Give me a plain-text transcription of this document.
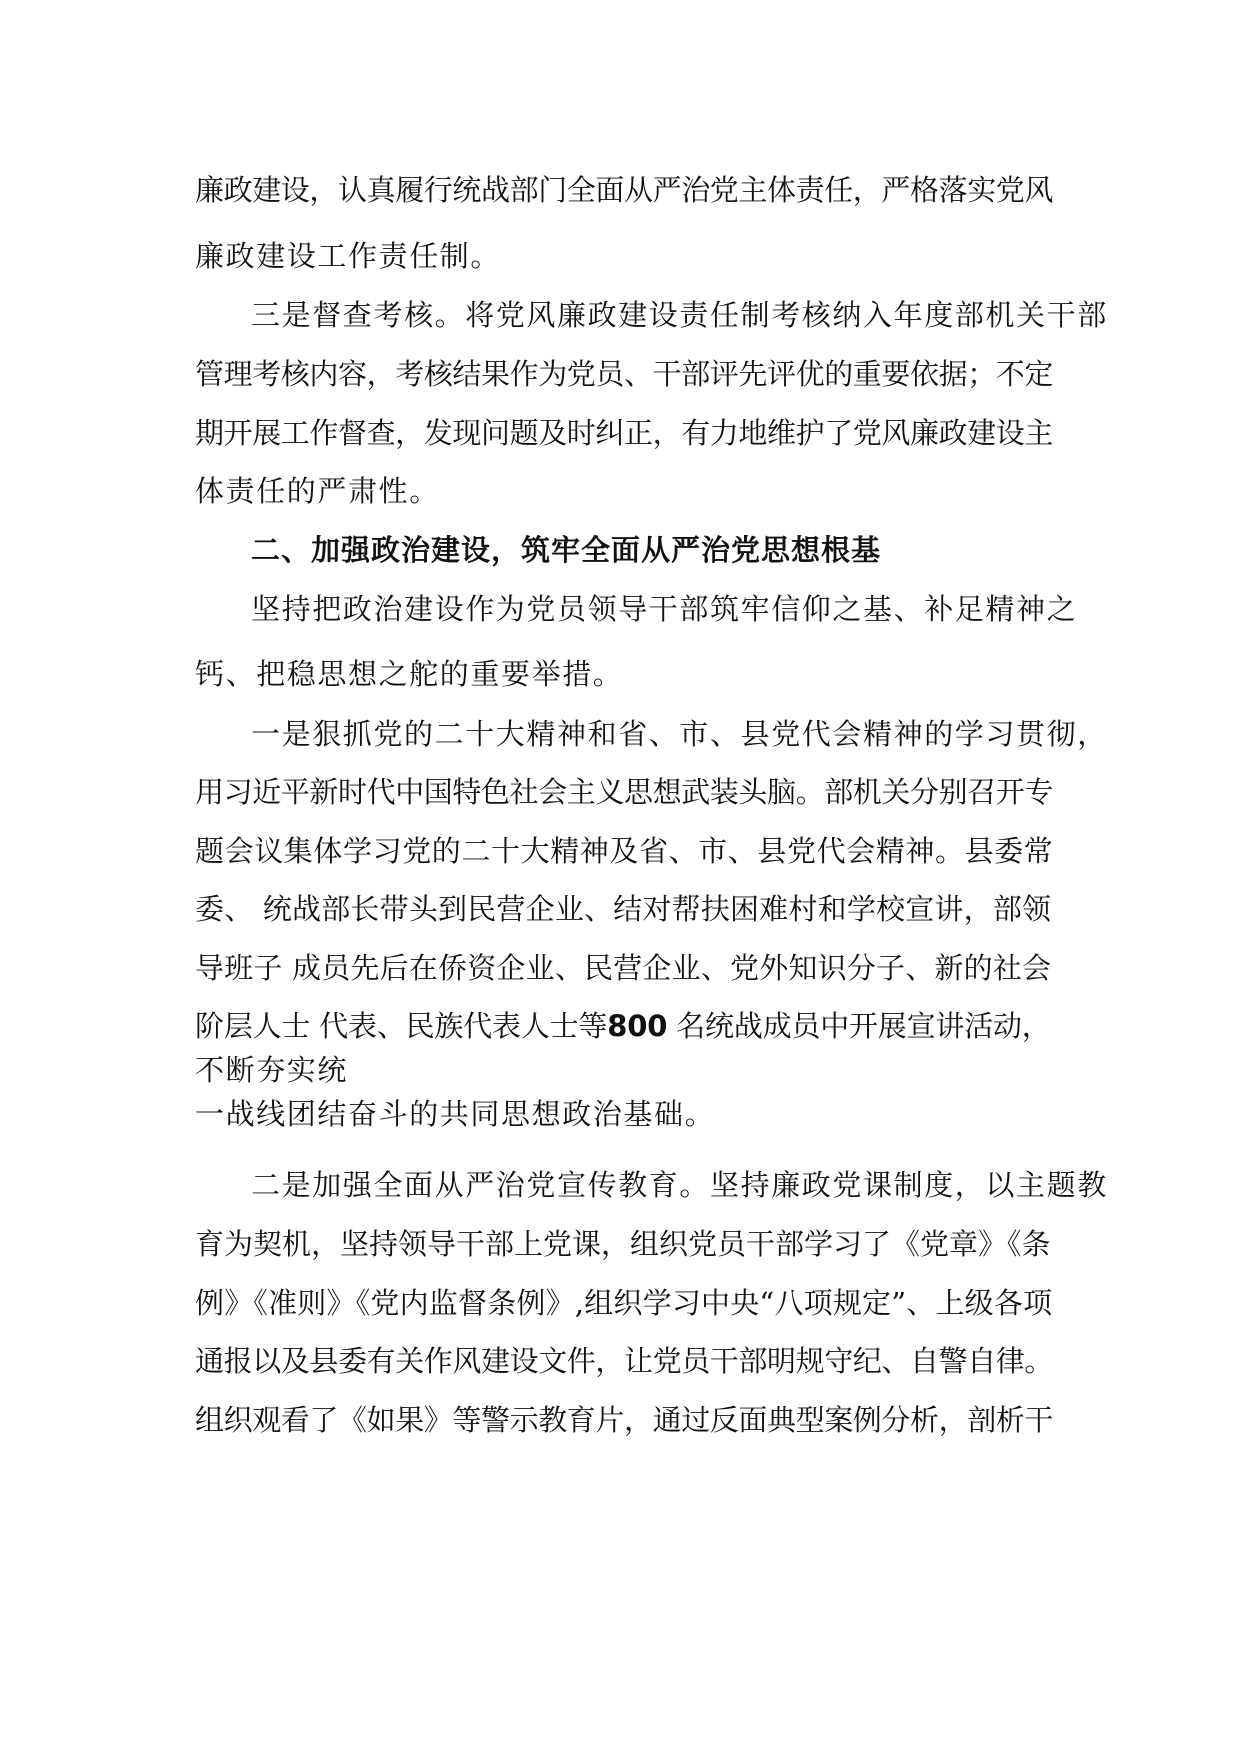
廉政建设，认真履行统战部门全面从严治党主体责任，严格落实党风
廉政建设工作责任制。
三是督查考核。将党风廉政建设责任制考核纳入年度部机关干部
管理考核内容，考核结果作为党员、干部评先评优的重要依据；不定
期开展工作督查，发现问题及时纠正，有力地维护了党风廉政建设主
体责任的严肃性。
二、加强政治建设，筑牢全面从严治党思想根基
坚持把政治建设作为党员领导干部筑牢信仰之基、补足精神之
钙、把稳思想之舵的重要举措。
一是狠抓党的二十大精神和省、市、县党代会精神的学习贯彻，
用习近平新时代中国特色社会主义思想武装头脑。部机关分别召开专
题会议集体学习党的二十大精神及省、市、县党代会精神。县委常
委、 统战部长带头到民营企业、结对帮扶困难村和学校宣讲，部领
导班子 成员先后在侨资企业、民营企业、党外知识分子、新的社会
阶层人士 代表、民族代表人士等800 名统战成员中开展宣讲活动，
不断夯实统
一战线团结奋斗的共同思想政治基础。
二是加强全面从严治党宣传教育。坚持廉政党课制度，以主题教
育为契机，坚持领导干部上党课，组织党员干部学习了《党章》《条
例》《准则》《党内监督条例》,组织学习中央“八项规定”、上级各项
通报以及县委有关作风建设文件，让党员干部明规守纪、自警自律。
组织观看了《如果》等警示教育片，通过反面典型案例分析，剖析干
